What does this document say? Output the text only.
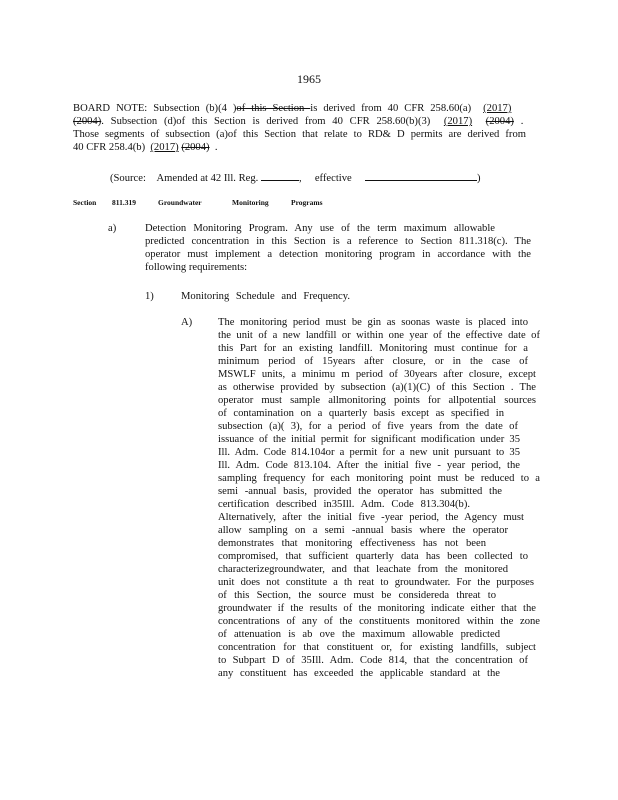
1965
BOARD NOTE: Subsection (b)(4 )of this Section is derived from 40 CFR 258.60(a) (2017)
(2004). Subsection (d)of this Section is derived from 40 CFR 258.60(b)(3) (2017) (2004) .
Those segments of subsection (a)of this Section that relate to RD& D permits are derived from
40 CFR 258.4(b) (2017) (2004) .
(Source: Amended at 42 Ill. Reg.	, effective	)
Section 811.319	Groundwater	Monitoring	Programs
a)	Detection Monitoring Program. Any use of the term maximum allowable
predicted concentration in this Section is a reference to Section 811.318(c). The
operator must implement a detection monitoring program in accordance with the
following requirements:
1)	Monitoring Schedule and Frequency.
A) The monitoring period must be gin as soonas waste is placed into
the unit of a new landfill or within one year of the effective date of
this Part for an existing landfill. Monitoring must continue for a
minimum period of 15years after closure, or in the case of
MSWLF units, a minimu m period of 30years after closure, except
as otherwise provided by subsection (a)(1)(C) of this Section . The
operator must sample allmonitoring points for allpotential sources
of contamination on a quarterly basis except as specified in
subsection (a)( 3), for a period of five years from the date of
issuance of the initial permit for significant modification under 35
Ill. Adm. Code 814.104or a permit for a new unit pursuant to 35
Ill. Adm. Code 813.104. After the initial five - year period, the
sampling frequency for each monitoring point must be reduced to a
semi -annual basis, provided the operator has submitted the
certification described in35Ill. Adm. Code 813.304(b).
Alternatively, after the initial five -year period, the Agency must
allow sampling on a semi -annual basis where the operator
demonstrates that monitoring effectiveness has not been
compromised, that sufficient quarterly data has been collected to
characterizegroundwater, and that leachate from the monitored
unit does not constitute a th reat to groundwater. For the purposes
of this Section, the source must be considereda threat to
groundwater if the results of the monitoring indicate either that the
concentrations of any of the constituents monitored within the zone
of attenuation is ab ove the maximum allowable predicted
concentration for that constituent or, for existing landfills, subject
to Subpart D of 35Ill. Adm. Code 814, that the concentration of
any constituent has exceeded the applicable standard at the
